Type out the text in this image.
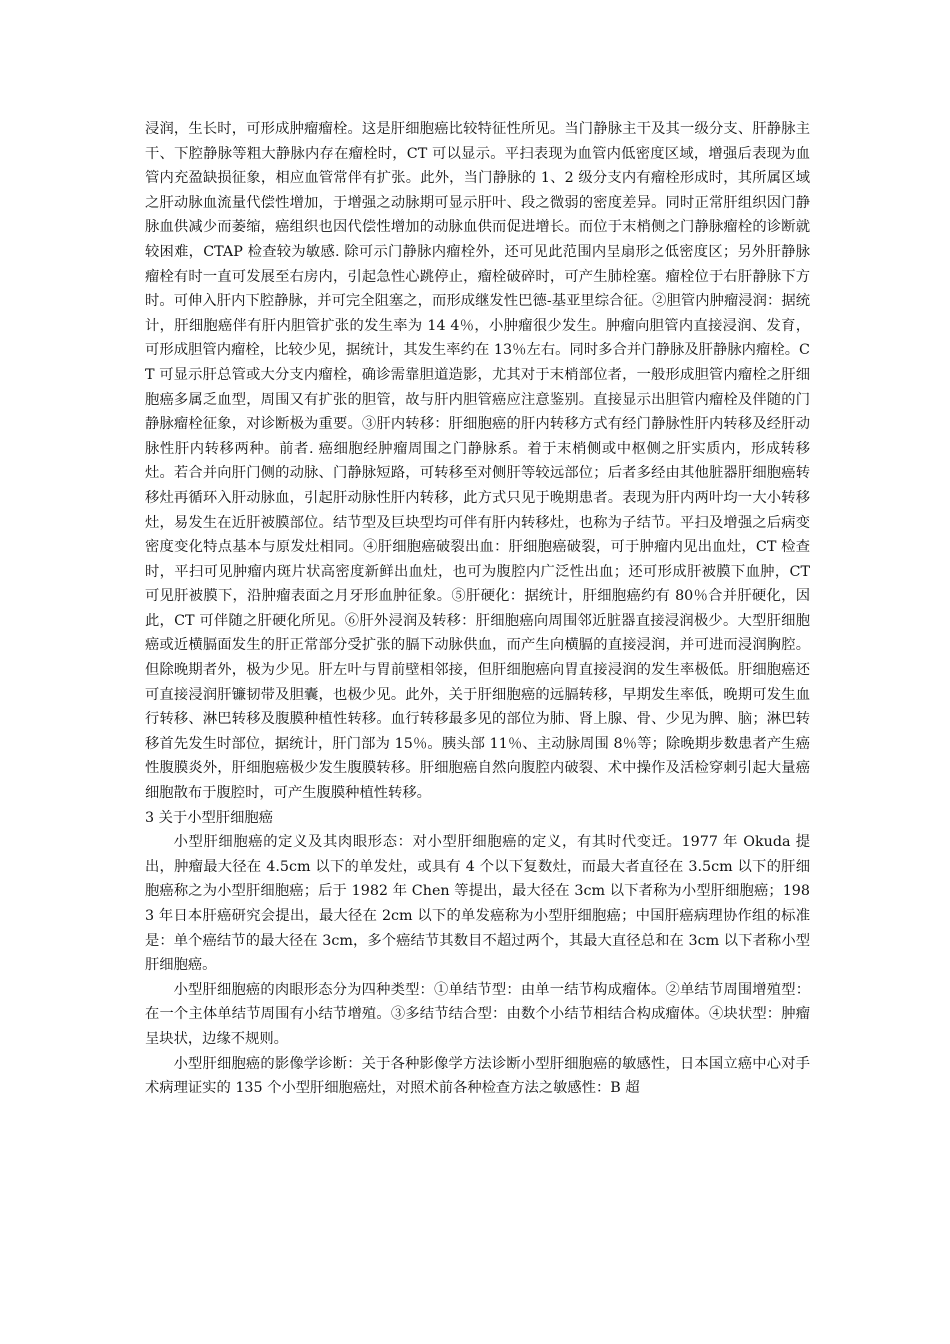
浸润，生长时，可形成肿瘤瘤栓。这是肝细胞癌比较特征性所见。当门静脉主干及其一级分支、肝静脉主干、下腔静脉等粗大静脉内存在瘤栓时，CT 可以显示。平扫表现为血管内低密度区域，增强后表现为血管内充盈缺损征象，相应血管常伴有扩张。此外，当门静脉的 1、2 级分支内有瘤栓形成时，其所属区域之肝动脉血流量代偿性增加，于增强之动脉期可显示肝叶、段之微弱的密度差异。同时正常肝组织因门静脉血供减少而萎缩，癌组织也因代偿性增加的动脉血供而促进增长。而位于末梢侧之门静脉瘤栓的诊断就较困难，CTAP 检查较为敏感. 除可示门静脉内瘤栓外，还可见此范围内呈扇形之低密度区；另外肝静脉瘤栓有时一直可发展至右房内，引起急性心跳停止，瘤栓破碎时，可产生肺栓塞。瘤栓位于右肝静脉下方时。可伸入肝内下腔静脉，并可完全阻塞之，而形成继发性巴德-基亚里综合征。②胆管内肿瘤浸润：据统计，肝细胞癌伴有肝内胆管扩张的发生率为 14 4％，小肿瘤很少发生。肿瘤向胆管内直接浸润、发育，可形成胆管内瘤栓，比较少见，据统计，其发生率约在 13％左右。同时多合并门静脉及肝静脉内瘤栓。CT 可显示肝总管或大分支内瘤栓，确诊需靠胆道造影，尤其对于末梢部位者，一般形成胆管内瘤栓之肝细胞癌多属乏血型，周围又有扩张的胆管，故与肝内胆管癌应注意鉴别。直接显示出胆管内瘤栓及伴随的门静脉瘤栓征象，对诊断极为重要。③肝内转移：肝细胞癌的肝内转移方式有经门静脉性肝内转移及经肝动脉性肝内转移两种。前者. 癌细胞经肿瘤周围之门静脉系。着于末梢侧或中枢侧之肝实质内，形成转移灶。若合并向肝门侧的动脉、门静脉短路，可转移至对侧肝等较远部位；后者多经由其他脏器肝细胞癌转移灶再循环入肝动脉血，引起肝动脉性肝内转移，此方式只见于晚期患者。表现为肝内两叶均一大小转移灶，易发生在近肝被膜部位。结节型及巨块型均可伴有肝内转移灶，也称为子结节。平扫及增强之后病变密度变化特点基本与原发灶相同。④肝细胞癌破裂出血：肝细胞癌破裂，可于肿瘤内见出血灶，CT 检查时，平扫可见肿瘤内斑片状高密度新鲜出血灶，也可为腹腔内广泛性出血；还可形成肝被膜下血肿，CT 可见肝被膜下，沿肿瘤表面之月牙形血肿征象。⑤肝硬化：据统计，肝细胞癌约有 80％合并肝硬化，因此，CT 可伴随之肝硬化所见。⑥肝外浸润及转移：肝细胞癌向周围邻近脏器直接浸润极少。大型肝细胞癌或近横膈面发生的肝正常部分受扩张的膈下动脉供血，而产生向横膈的直接浸润，并可进而浸润胸腔。但除晚期者外，极为少见。肝左叶与胃前壁相邻接，但肝细胞癌向胃直接浸润的发生率极低。肝细胞癌还可直接浸润肝镰韧带及胆囊，也极少见。此外，关于肝细胞癌的远膈转移，早期发生率低，晚期可发生血行转移、淋巴转移及腹膜种植性转移。血行转移最多见的部位为肺、肾上腺、骨、少见为脾、脑；淋巴转移首先发生时部位，据统计，肝门部为 15％。胰头部 11％、主动脉周围 8％等；除晚期步数患者产生癌性腹膜炎外，肝细胞癌极少发生腹膜转移。肝细胞癌自然向腹腔内破裂、术中操作及活检穿刺引起大量癌细胞散布于腹腔时，可产生腹膜种植性转移。

3 关于小型肝细胞癌

小型肝细胞癌的定义及其肉眼形态：对小型肝细胞癌的定义，有其时代变迁。1977 年 Okuda 提出，肿瘤最大径在 4.5cm 以下的单发灶，或具有 4 个以下复数灶，而最大者直径在 3.5cm 以下的肝细胞癌称之为小型肝细胞癌；后于 1982 年 Chen 等提出，最大径在 3cm 以下者称为小型肝细胞癌；1983 年日本肝癌研究会提出，最大径在 2cm 以下的单发癌称为小型肝细胞癌；中国肝癌病理协作组的标准是：单个癌结节的最大径在 3cm，多个癌结节其数目不超过两个，其最大直径总和在 3cm 以下者称小型肝细胞癌。

小型肝细胞癌的肉眼形态分为四种类型：①单结节型：由单一结节构成瘤体。②单结节周围增殖型：在一个主体单结节周围有小结节增殖。③多结节结合型：由数个小结节相结合构成瘤体。④块状型：肿瘤呈块状，边缘不规则。

小型肝细胞癌的影像学诊断：关于各种影像学方法诊断小型肝细胞癌的敏感性，日本国立癌中心对手术病理证实的 135 个小型肝细胞癌灶，对照术前各种检查方法之敏感性：B 超
